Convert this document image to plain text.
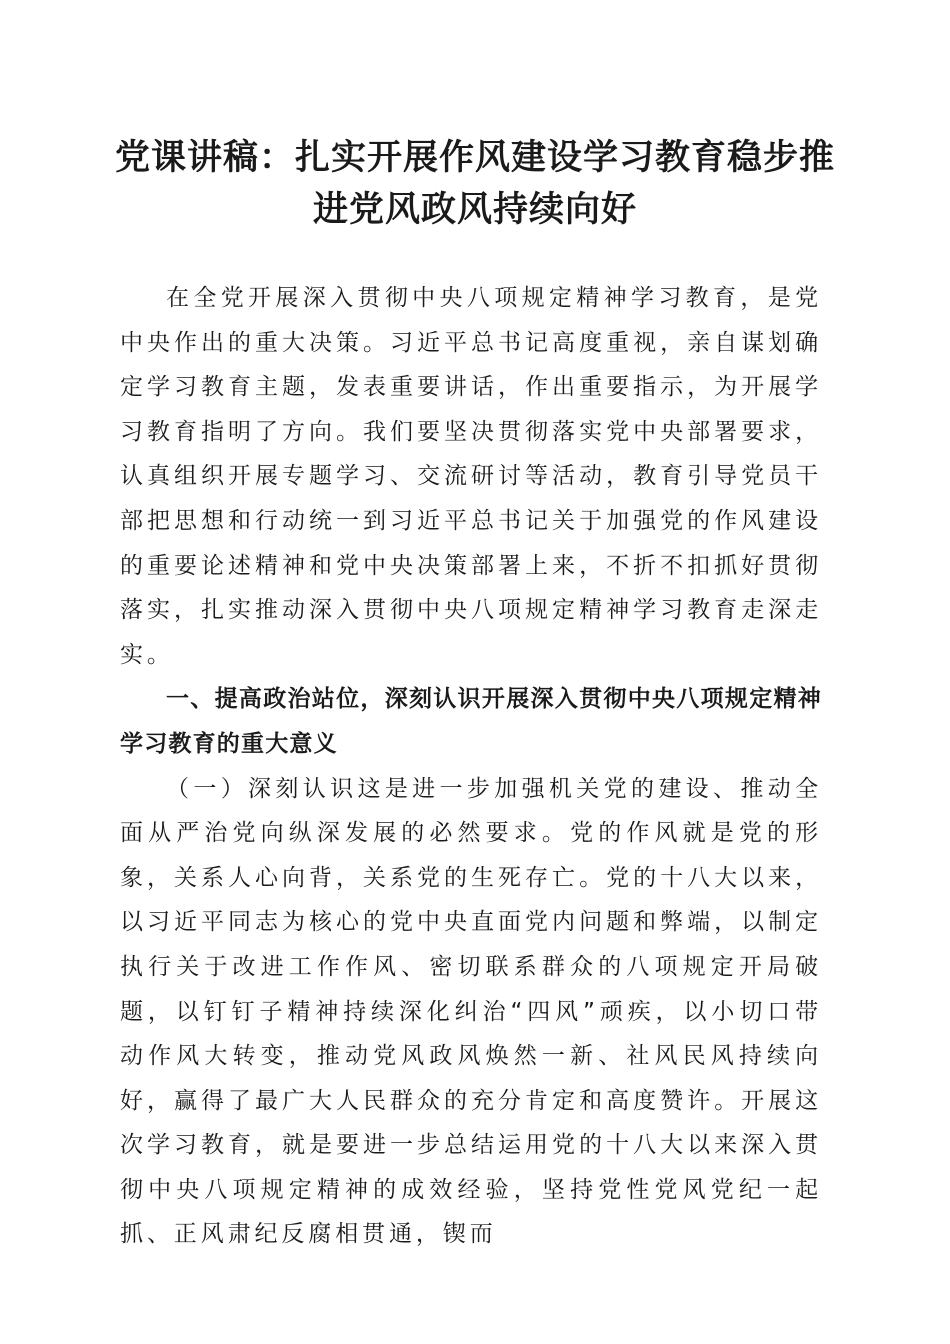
党课讲稿：扎实开展作风建设学习教育稳步推
进党风政风持续向好

在全党开展深入贯彻中央八项规定精神学习教育，是党中央作出的重大决策。习近平总书记高度重视，亲自谋划确定学习教育主题，发表重要讲话，作出重要指示，为开展学习教育指明了方向。我们要坚决贯彻落实党中央部署要求，认真组织开展专题学习、交流研讨等活动，教育引导党员干部把思想和行动统一到习近平总书记关于加强党的作风建设的重要论述精神和党中央决策部署上来，不折不扣抓好贯彻落实，扎实推动深入贯彻中央八项规定精神学习教育走深走实。

一、提高政治站位，深刻认识开展深入贯彻中央八项规定精神学习教育的重大意义

（一）深刻认识这是进一步加强机关党的建设、推动全面从严治党向纵深发展的必然要求。党的作风就是党的形象，关系人心向背，关系党的生死存亡。党的十八大以来，以习近平同志为核心的党中央直面党内问题和弊端，以制定执行关于改进工作作风、密切联系群众的八项规定开局破题，以钉钉子精神持续深化纠治“四风”顽疾，以小切口带动作风大转变，推动党风政风焕然一新、社风民风持续向好，赢得了最广大人民群众的充分肯定和高度赞许。开展这次学习教育，就是要进一步总结运用党的十八大以来深入贯彻中央八项规定精神的成效经验，坚持党性党风党纪一起抓、正风肃纪反腐相贯通，锲而
